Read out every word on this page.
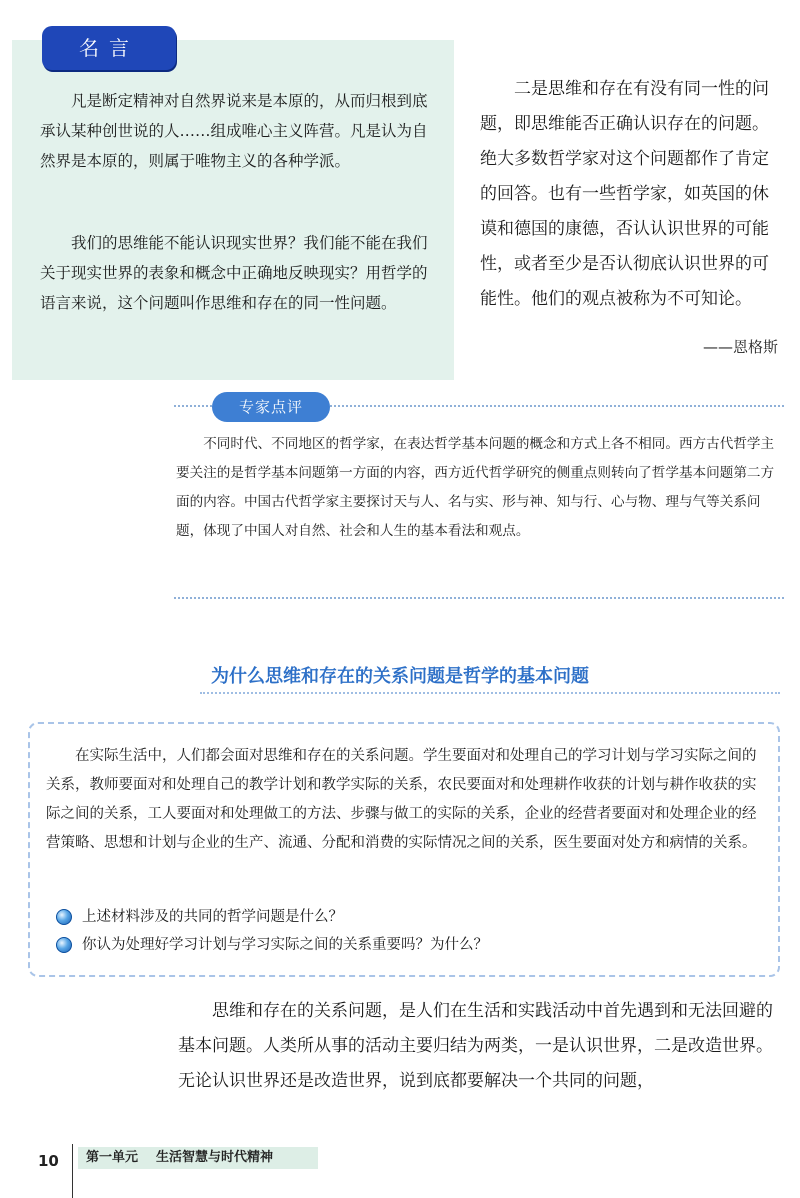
名言

凡是断定精神对自然界说来是本原的，从而归根到底承认某种创世说的人……组成唯心主义阵营。凡是认为自然界是本原的，则属于唯物主义的各种学派。

我们的思维能不能认识现实世界？我们能不能在我们关于现实世界的表象和概念中正确地反映现实？用哲学的语言来说，这个问题叫作思维和存在的同一性问题。

——恩格斯

二是思维和存在有没有同一性的问题，即思维能否正确认识存在的问题。绝大多数哲学家对这个问题都作了肯定的回答。也有一些哲学家，如英国的休谟和德国的康德，否认认识世界的可能性，或者至少是否认彻底认识世界的可能性。他们的观点被称为不可知论。

专家点评

不同时代、不同地区的哲学家，在表达哲学基本问题的概念和方式上各不相同。西方古代哲学主要关注的是哲学基本问题第一方面的内容，西方近代哲学研究的侧重点则转向了哲学基本问题第二方面的内容。中国古代哲学家主要探讨天与人、名与实、形与神、知与行、心与物、理与气等关系问题，体现了中国人对自然、社会和人生的基本看法和观点。

为什么思维和存在的关系问题是哲学的基本问题

在实际生活中，人们都会面对思维和存在的关系问题。学生要面对和处理自己的学习计划与学习实际之间的关系，教师要面对和处理自己的教学计划和教学实际的关系，农民要面对和处理耕作收获的计划与耕作收获的实际之间的关系，工人要面对和处理做工的方法、步骤与做工的实际的关系，企业的经营者要面对和处理企业的经营策略、思想和计划与企业的生产、流通、分配和消费的实际情况之间的关系，医生要面对处方和病情的关系。

上述材料涉及的共同的哲学问题是什么？
你认为处理好学习计划与学习实际之间的关系重要吗？为什么？

思维和存在的关系问题，是人们在生活和实践活动中首先遇到和无法回避的基本问题。人类所从事的活动主要归结为两类，一是认识世界，二是改造世界。无论认识世界还是改造世界，说到底都要解决一个共同的问题，

10	第一单元 生活智慧与时代精神
